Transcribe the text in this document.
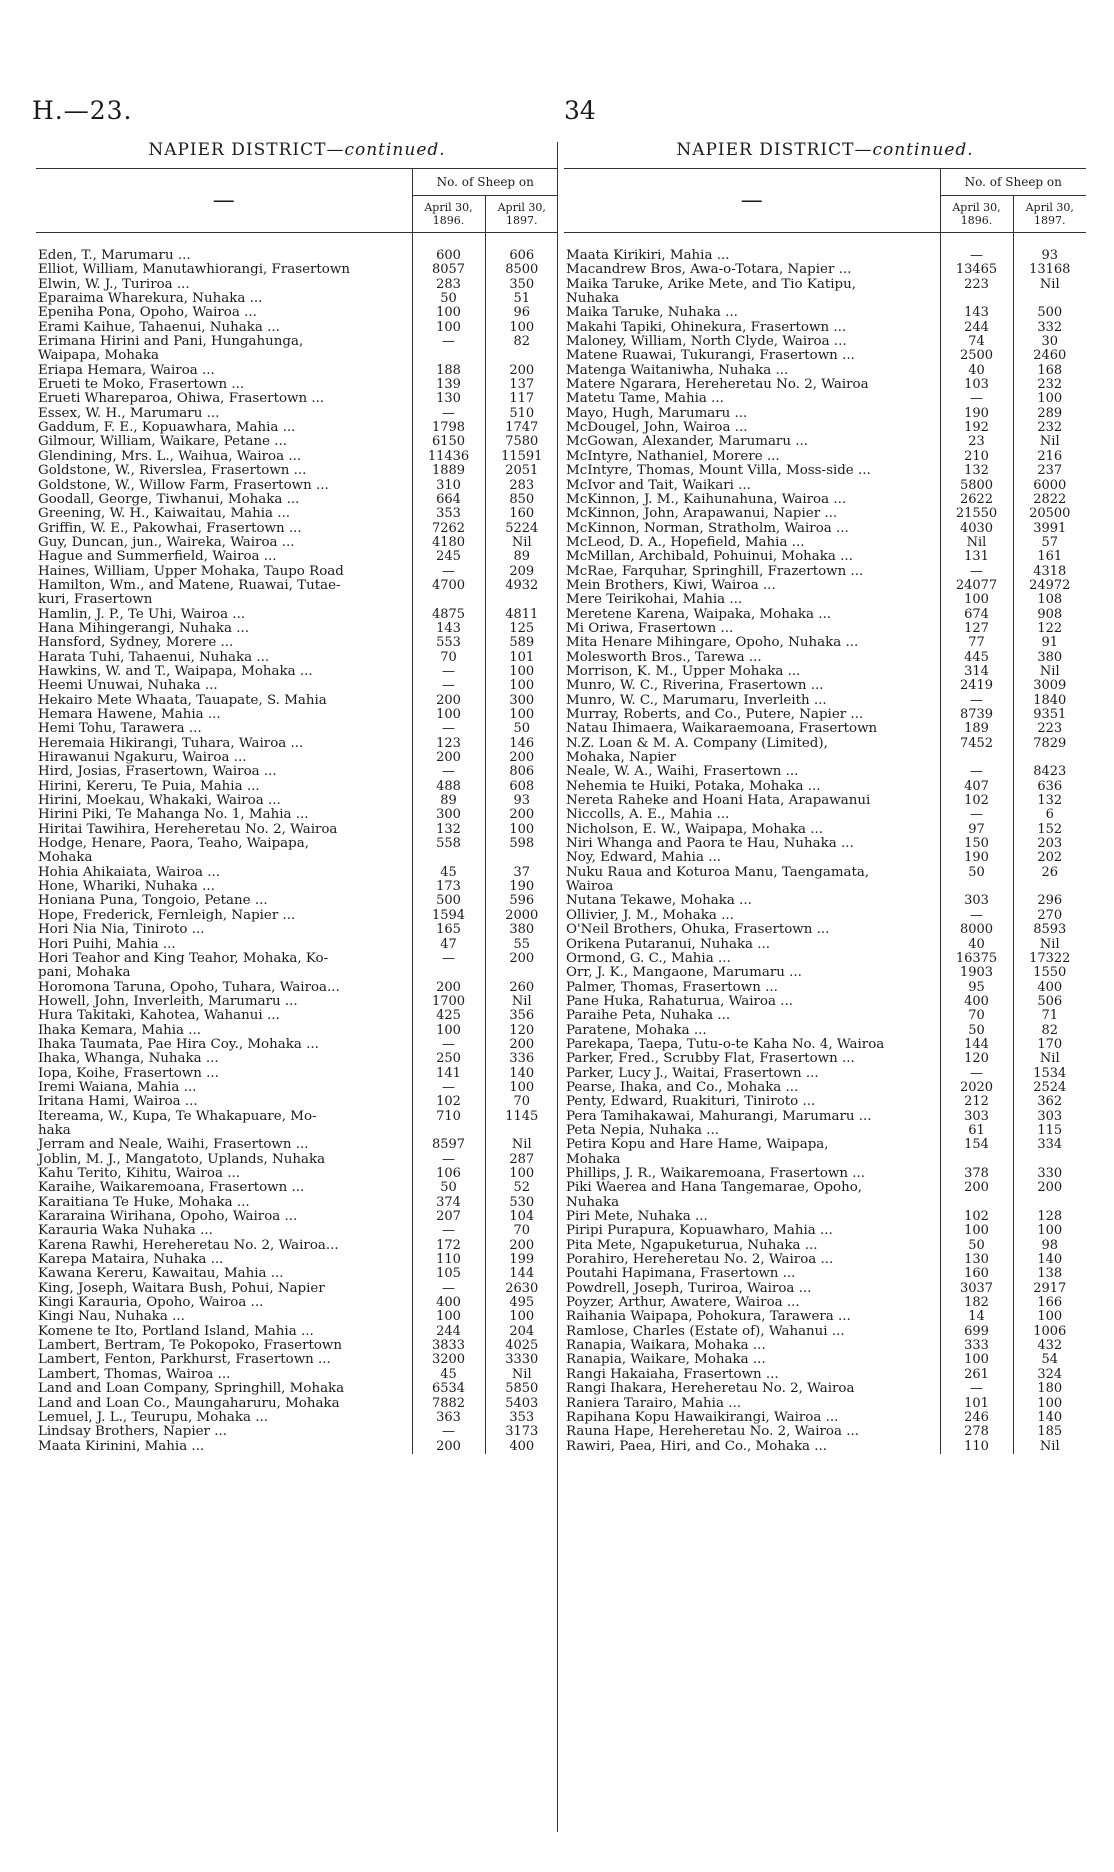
H.—23.	34
NAPIER DISTRICT—continued.
—	No. of Sheep on	
	April 30, 1896.	April 30, 1897.
Eden, T., Marumaru ...	600	606
Elliot, William, Manutawhiorangi, Frasertown	8057	8500
Elwin, W. J., Turiroa ...	283	350
Eparaima Wharekura, Nuhaka ...	50	51
Epeniha Pona, Opoho, Wairoa ...	100	96
Erami Kaihue, Tahaenui, Nuhaka ...	100	100
Erimana Hirini and Pani, Hungahunga,	—	82
Waipapa, Mohaka		
Eriapa Hemara, Wairoa ...	188	200
Erueti te Moko, Frasertown ...	139	137
Erueti Whareparoa, Ohiwa, Frasertown ...	130	117
Essex, W. H., Marumaru ...	—	510
Gaddum, F. E., Kopuawhara, Mahia ...	1798	1747
Gilmour, William, Waikare, Petane ...	6150	7580
Glendining, Mrs. L., Waihua, Wairoa ...	11436	11591
Goldstone, W., Riverslea, Frasertown ...	1889	2051
Goldstone, W., Willow Farm, Frasertown ...	310	283
Goodall, George, Tiwhanui, Mohaka ...	664	850
Greening, W. H., Kaiwaitau, Mahia ...	353	160
Griffin, W. E., Pakowhai, Frasertown ...	7262	5224
Guy, Duncan, jun., Waireka, Wairoa ...	4180	Nil
Hague and Summerfield, Wairoa ...	245	89
Haines, William, Upper Mohaka, Taupo Road	—	209
Hamilton, Wm., and Matene, Ruawai, Tutae-	4700	4932
kuri, Frasertown		
Hamlin, J. P., Te Uhi, Wairoa ...	4875	4811
Hana Mihingerangi, Nuhaka ...	143	125
Hansford, Sydney, Morere ...	553	589
Harata Tuhi, Tahaenui, Nuhaka ...	70	101
Hawkins, W. and T., Waipapa, Mohaka ...	—	100
Heemi Unuwai, Nuhaka ...	—	100
Hekairo Mete Whaata, Tauapate, S. Mahia	200	300
Hemara Hawene, Mahia ...	100	100
Hemi Tohu, Tarawera ...	—	50
Heremaia Hikirangi, Tuhara, Wairoa ...	123	146
Hirawanui Ngakuru, Wairoa ...	200	200
Hird, Josias, Frasertown, Wairoa ...	—	806
Hirini, Kereru, Te Puia, Mahia ...	488	608
Hirini, Moekau, Whakaki, Wairoa ...	89	93
Hirini Piki, Te Mahanga No. 1, Mahia ...	300	200
Hiritai Tawihira, Hereheretau No. 2, Wairoa	132	100
Hodge, Henare, Paora, Teaho, Waipapa,	558	598
Mohaka		
Hohia Ahikaiata, Wairoa ...	45	37
Hone, Whariki, Nuhaka ...	173	190
Honiana Puna, Tongoio, Petane ...	500	596
Hope, Frederick, Fernleigh, Napier ...	1594	2000
Hori Nia Nia, Tiniroto ...	165	380
Hori Puihi, Mahia ...	47	55
Hori Teahor and King Teahor, Mohaka, Ko-	—	200
pani, Mohaka		
Horomona Taruna, Opoho, Tuhara, Wairoa...	200	260
Howell, John, Inverleith, Marumaru ...	1700	Nil
Hura Takitaki, Kahotea, Wahanui ...	425	356
Ihaka Kemara, Mahia ...	100	120
Ihaka Taumata, Pae Hira Coy., Mohaka ...	—	200
Ihaka, Whanga, Nuhaka ...	250	336
Iopa, Koihe, Frasertown ...	141	140
Iremi Waiana, Mahia ...	—	100
Iritana Hami, Wairoa ...	102	70
Itereama, W., Kupa, Te Whakapuare, Mo-	710	1145
haka		
Jerram and Neale, Waihi, Frasertown ...	8597	Nil
Joblin, M. J., Mangatoto, Uplands, Nuhaka	—	287
Kahu Terito, Kihitu, Wairoa ...	106	100
Karaihe, Waikaremoana, Frasertown ...	50	52
Karaitiana Te Huke, Mohaka ...	374	530
Kararaina Wirihana, Opoho, Wairoa ...	207	104
Karauria Waka Nuhaka ...	—	70
Karena Rawhi, Hereheretau No. 2, Wairoa...	172	200
Karepa Mataira, Nuhaka ...	110	199
Kawana Kereru, Kawaitau, Mahia ...	105	144
King, Joseph, Waitara Bush, Pohui, Napier	—	2630
Kingi Karauria, Opoho, Wairoa ...	400	495
Kingi Nau, Nuhaka ...	100	100
Komene te Ito, Portland Island, Mahia ...	244	204
Lambert, Bertram, Te Pokopoko, Frasertown	3833	4025
Lambert, Fenton, Parkhurst, Frasertown ...	3200	3330
Lambert, Thomas, Wairoa ...	45	Nil
Land and Loan Company, Springhill, Mohaka	6534	5850
Land and Loan Co., Maungaharuru, Mohaka	7882	5403
Lemuel, J. L., Teurupu, Mohaka ...	363	353
Lindsay Brothers, Napier ...	—	3173
Maata Kirinini, Mahia ...	200	400
NAPIER DISTRICT—continued.
—	No. of Sheep on	
	April 30, 1896.	April 30, 1897.
Maata Kirikiri, Mahia ...	—	93
Macandrew Bros, Awa-o-Totara, Napier ...	13465	13168
Maika Taruke, Arike Mete, and Tio Katipu,	223	Nil
Nuhaka		
Maika Taruke, Nuhaka ...	143	500
Makahi Tapiki, Ohinekura, Frasertown ...	244	332
Maloney, William, North Clyde, Wairoa ...	74	30
Matene Ruawai, Tukurangi, Frasertown ...	2500	2460
Matenga Waitaniwha, Nuhaka ...	40	168
Matere Ngarara, Hereheretau No. 2, Wairoa	103	232
Matetu Tame, Mahia ...	—	100
Mayo, Hugh, Marumaru ...	190	289
McDougel, John, Wairoa ...	192	232
McGowan, Alexander, Marumaru ...	23	Nil
McIntyre, Nathaniel, Morere ...	210	216
McIntyre, Thomas, Mount Villa, Moss-side ...	132	237
McIvor and Tait, Waikari ...	5800	6000
McKinnon, J. M., Kaihunahuna, Wairoa ...	2622	2822
McKinnon, John, Arapawanui, Napier ...	21550	20500
McKinnon, Norman, Stratholm, Wairoa ...	4030	3991
McLeod, D. A., Hopefield, Mahia ...	Nil	57
McMillan, Archibald, Pohuinui, Mohaka ...	131	161
McRae, Farquhar, Springhill, Frazertown ...	—	4318
Mein Brothers, Kiwi, Wairoa ...	24077	24972
Mere Teirikohai, Mahia ...	100	108
Meretene Karena, Waipaka, Mohaka ...	674	908
Mi Oriwa, Frasertown ...	127	122
Mita Henare Mihingare, Opoho, Nuhaka ...	77	91
Molesworth Bros., Tarewa ...	445	380
Morrison, K. M., Upper Mohaka ...	314	Nil
Munro, W. C., Riverina, Frasertown ...	2419	3009
Munro, W. C., Marumaru, Inverleith ...	—	1840
Murray, Roberts, and Co., Putere, Napier ...	8739	9351
Natau Ihimaera, Waikaraemoana, Frasertown	189	223
N.Z. Loan & M. A. Company (Limited),	7452	7829
Mohaka, Napier		
Neale, W. A., Waihi, Frasertown ...	—	8423
Nehemia te Huiki, Potaka, Mohaka ...	407	636
Nereta Raheke and Hoani Hata, Arapawanui	102	132
Niccolls, A. E., Mahia ...	—	6
Nicholson, E. W., Waipapa, Mohaka ...	97	152
Niri Whanga and Paora te Hau, Nuhaka ...	150	203
Noy, Edward, Mahia ...	190	202
Nuku Raua and Koturoa Manu, Taengamata,	50	26
Wairoa		
Nutana Tekawe, Mohaka ...	303	296
Ollivier, J. M., Mohaka ...	—	270
O'Neil Brothers, Ohuka, Frasertown ...	8000	8593
Orikena Putaranui, Nuhaka ...	40	Nil
Ormond, G. C., Mahia ...	16375	17322
Orr, J. K., Mangaone, Marumaru ...	1903	1550
Palmer, Thomas, Frasertown ...	95	400
Pane Huka, Rahaturua, Wairoa ...	400	506
Paraihe Peta, Nuhaka ...	70	71
Paratene, Mohaka ...	50	82
Parekapa, Taepa, Tutu-o-te Kaha No. 4, Wairoa	144	170
Parker, Fred., Scrubby Flat, Frasertown ...	120	Nil
Parker, Lucy J., Waitai, Frasertown ...	—	1534
Pearse, Ihaka, and Co., Mohaka ...	2020	2524
Penty, Edward, Ruakituri, Tiniroto ...	212	362
Pera Tamihakawai, Mahurangi, Marumaru ...	303	303
Peta Nepia, Nuhaka ...	61	115
Petira Kopu and Hare Hame, Waipapa,	154	334
Mohaka		
Phillips, J. R., Waikaremoana, Frasertown ...	378	330
Piki Waerea and Hana Tangemarae, Opoho,	200	200
Nuhaka		
Piri Mete, Nuhaka ...	102	128
Piripi Purapura, Kopuawharo, Mahia ...	100	100
Pita Mete, Ngapuketurua, Nuhaka ...	50	98
Porahiro, Hereheretau No. 2, Wairoa ...	130	140
Poutahi Hapimana, Frasertown ...	160	138
Powdrell, Joseph, Turiroa, Wairoa ...	3037	2917
Poyzer, Arthur, Awatere, Wairoa ...	182	166
Raihania Waipapa, Pohokura, Tarawera ...	14	100
Ramlose, Charles (Estate of), Wahanui ...	699	1006
Ranapia, Waikara, Mohaka ...	333	432
Ranapia, Waikare, Mohaka ...	100	54
Rangi Hakaiaha, Frasertown ...	261	324
Rangi Ihakara, Hereheretau No. 2, Wairoa	—	180
Raniera Tarairo, Mahia ...	101	100
Rapihana Kopu Hawaikirangi, Wairoa ...	246	140
Rauna Hape, Hereheretau No. 2, Wairoa ...	278	185
Rawiri, Paea, Hiri, and Co., Mohaka ...	110	Nil
